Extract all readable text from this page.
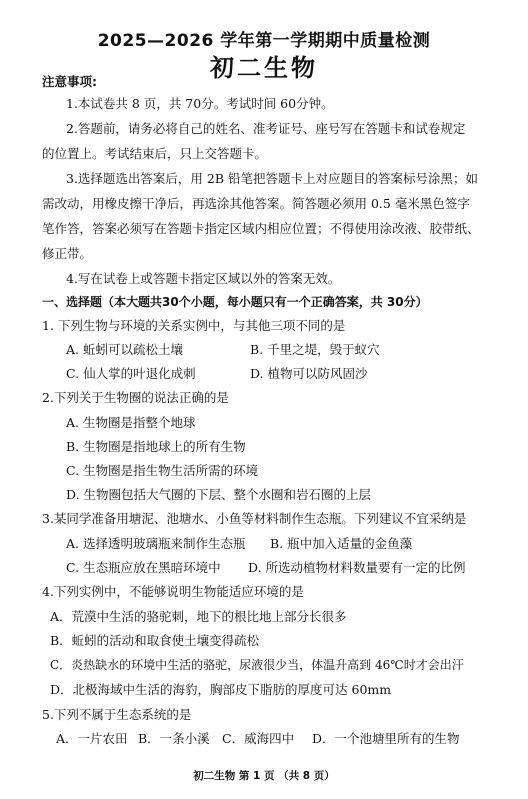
2025—2026 学年第一学期期中质量检测
初二生物
注意事项:
1.本试卷共 8 页，共 70分。考试时间 60分钟。
2.答题前，请务必将自己的姓名、准考证号、座号写在答题卡和试卷规定
的位置上。考试结束后，只上交答题卡。
3.选择题选出答案后，用 2B 铅笔把答题卡上对应题目的答案标号涂黑；如
需改动，用橡皮擦干净后，再选涂其他答案。简答题必须用 0.5 毫米黑色签字
笔作答，答案必须写在答题卡指定区域内相应位置；不得使用涂改液、胶带纸、
修正带。
4.写在试卷上或答题卡指定区域以外的答案无效。
一、选择题（本大题共30个小题，每小题只有一个正确答案，共 30分）
1. 下列生物与环境的关系实例中，与其他三项不同的是
A. 蚯蚓可以疏松土壤	B. 千里之堤，毁于蚁穴
C. 仙人掌的叶退化成刺	D. 植物可以防风固沙
2.下列关于生物圈的说法正确的是
A. 生物圈是指整个地球
B. 生物圈是指地球上的所有生物
C. 生物圈是指生物生活所需的环境
D. 生物圈包括大气圈的下层、整个水圈和岩石圈的上层
3.某同学准备用塘泥、池塘水、小鱼等材料制作生态瓶。下列建议不宜采纳是
A. 选择透明玻璃瓶来制作生态瓶 B. 瓶中加入适量的金鱼藻
C. 生态瓶应放在黑暗环境中 D. 所选动植物材料数量要有一定的比例
4.下列实例中，不能够说明生物能适应环境的是
A．荒漠中生活的骆驼刺，地下的根比地上部分长很多
B．蚯蚓的活动和取食使土壤变得疏松
C．炎热缺水的环境中生活的骆驼，尿液很少当，体温升高到 46℃时才会出汗
D．北极海域中生活的海豹，胸部皮下脂肪的厚度可达 60mm
5.下列不属于生态系统的是
A．一片农田 B．一条小溪 C．威海四中 D．一个池塘里所有的生物
初二生物 第 1 页 （共 8 页）
